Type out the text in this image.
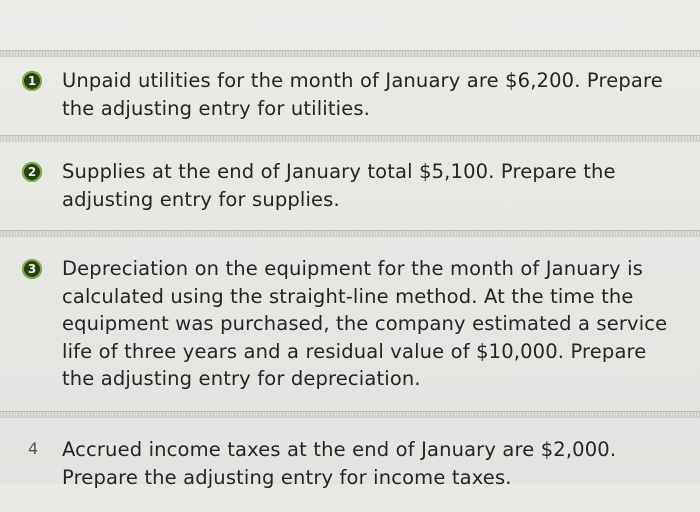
1 Unpaid utilities for the month of January are $6,200. Prepare the adjusting entry for utilities.

2 Supplies at the end of January total $5,100. Prepare the adjusting entry for supplies.

3 Depreciation on the equipment for the month of January is calculated using the straight-line method. At the time the equipment was purchased, the company estimated a service life of three years and a residual value of $10,000. Prepare the adjusting entry for depreciation.

4 Accrued income taxes at the end of January are $2,000. Prepare the adjusting entry for income taxes.
